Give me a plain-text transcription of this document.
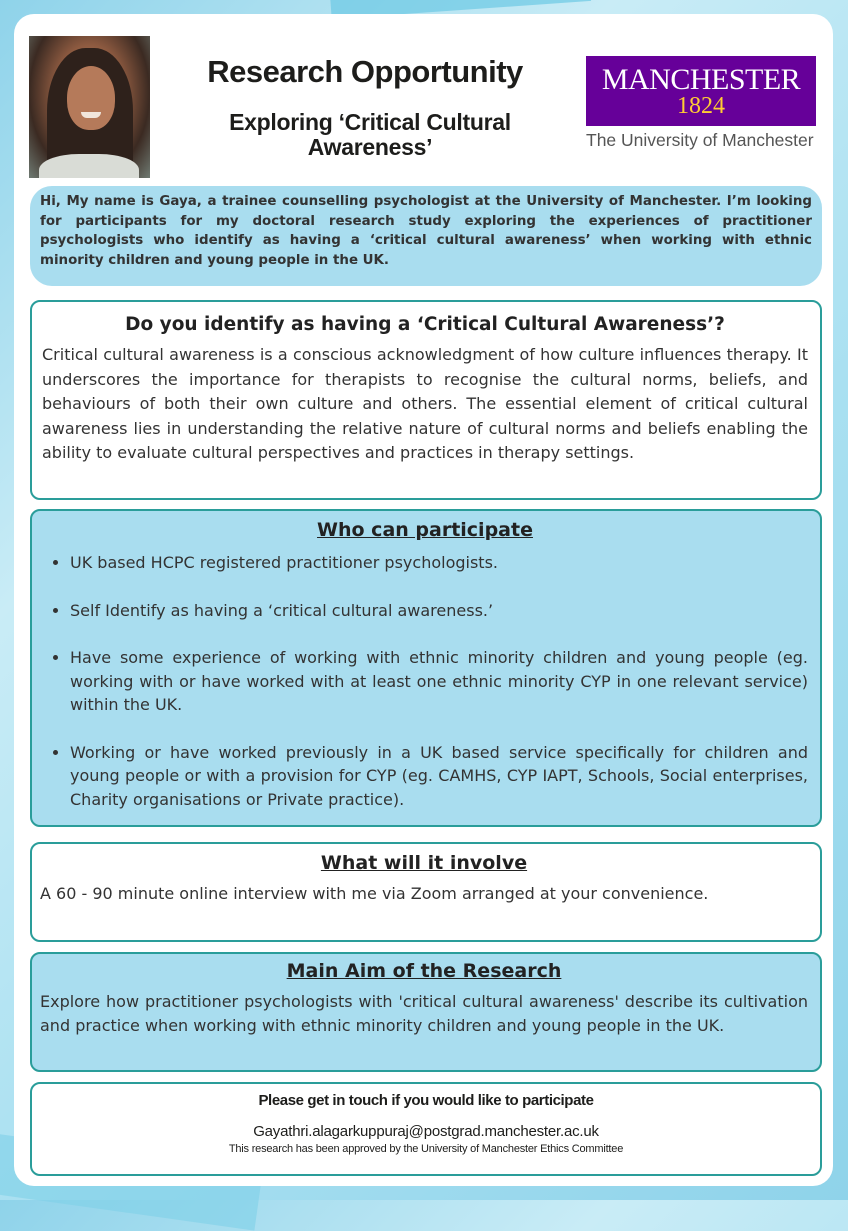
Research Opportunity
Exploring ‘Critical Cultural Awareness’
MANCHESTER
1824
The University of Manchester
Hi, My name is Gaya, a trainee counselling psychologist at the University of Manchester. I’m looking for participants for my doctoral research study exploring the experiences of practitioner psychologists who identify as having a ‘critical cultural awareness’ when working with ethnic minority children and young people in the UK.
Do you identify as having a ‘Critical Cultural Awareness’?
Critical cultural awareness is a conscious acknowledgment of how culture influences therapy. It underscores the importance for therapists to recognise the cultural norms, beliefs, and behaviours of both their own culture and others. The essential element of critical cultural awareness lies in understanding the relative nature of cultural norms and beliefs enabling the ability to evaluate cultural perspectives and practices in therapy settings.
Who can participate
• UK based HCPC registered practitioner psychologists.
• Self Identify as having a ‘critical cultural awareness.’
• Have some experience of working with ethnic minority children and young people (eg. working with or have worked with at least one ethnic minority CYP in one relevant service) within the UK.
• Working or have worked previously in a UK based service specifically for children and young people or with a provision for CYP (eg. CAMHS, CYP IAPT, Schools, Social enterprises, Charity organisations or Private practice).
What will it involve
A 60 - 90 minute online interview with me via Zoom arranged at your convenience.
Main Aim of the Research
Explore how practitioner psychologists with 'critical cultural awareness' describe its cultivation and practice when working with ethnic minority children and young people in the UK.
Please get in touch if you would like to participate
Gayathri.alagarkuppuraj@postgrad.manchester.ac.uk
This research has been approved by the University of Manchester Ethics Committee
